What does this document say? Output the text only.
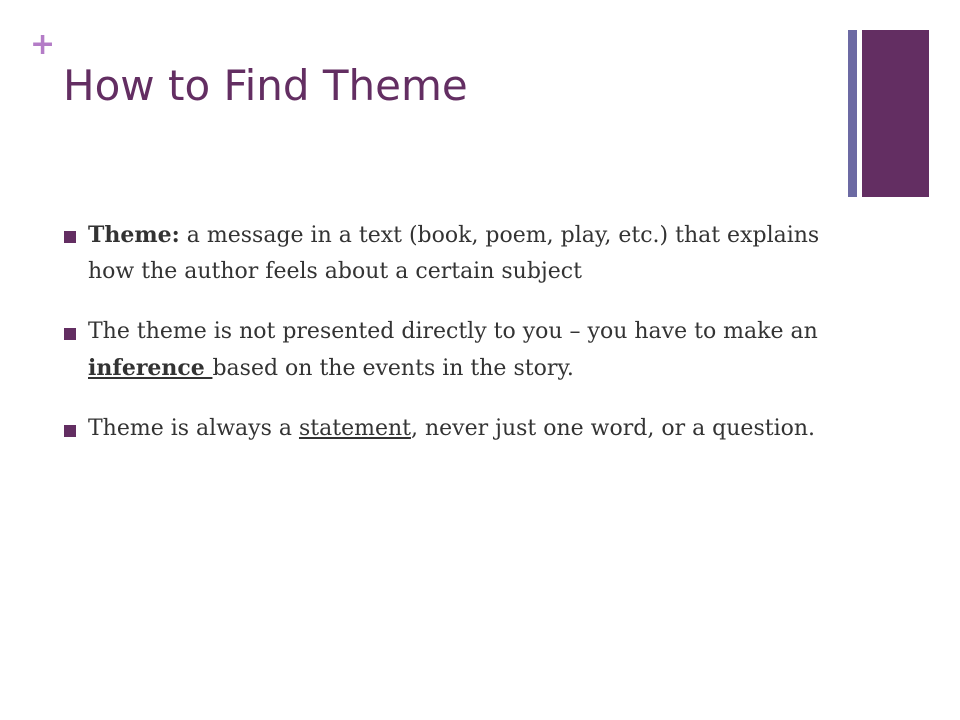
+
How to Find Theme
Theme: a message in a text (book, poem, play, etc.) that explains how the author feels about a certain subject
The theme is not presented directly to you – you have to make an inference based on the events in the story.
Theme is always a statement, never just one word, or a question.
